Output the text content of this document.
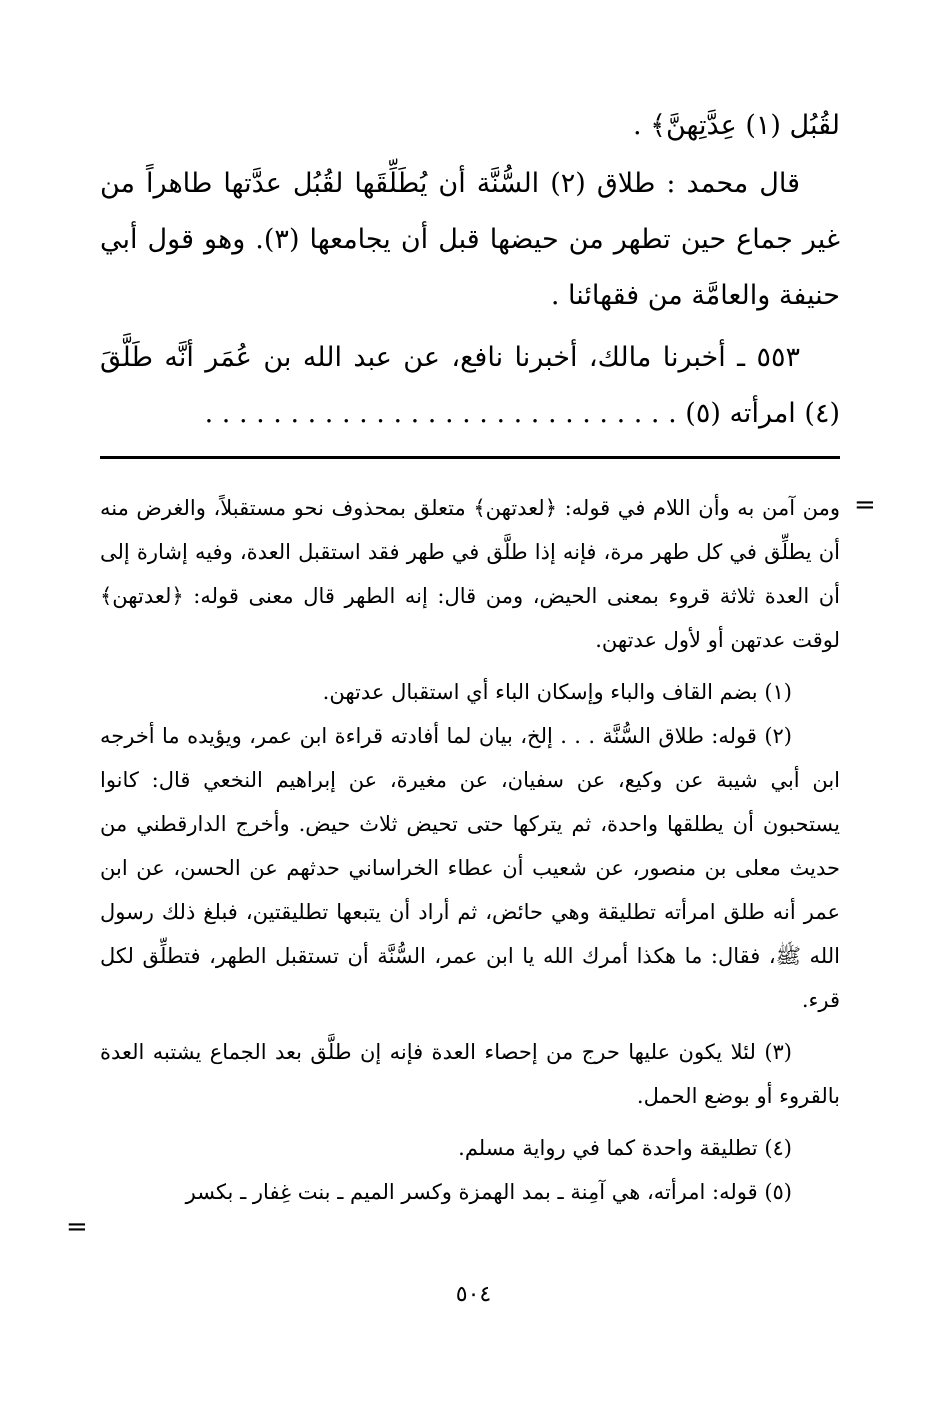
لقُبُل (١) عِدَّتِهنَّ﴾ .

قال محمد : طلاق (٢) السُّنَّة أن يُطَلِّقَها لقُبُل عدَّتها طاهراً من غير جماع حين تطهر من حيضها قبل أن يجامعها (٣). وهو قول أبي حنيفة والعامَّة من فقهائنا .

٥٥٣ ـ أخبرنا مالك، أخبرنا نافع، عن عبد الله بن عُمَر أنَّه طَلَّقَ (٤) امرأته (٥) . . . . . . . . . . . . . . . . . . . . . . . . . . . .

=

ومن آمن به وأن اللام في قوله: ﴿لعدتهن﴾ متعلق بمحذوف نحو مستقبلاً، والغرض منه أن يطلِّق في كل طهر مرة، فإنه إذا طلَّق في طهر فقد استقبل العدة، وفيه إشارة إلى أن العدة ثلاثة قروء بمعنى الحيض، ومن قال: إنه الطهر قال معنى قوله: ﴿لعدتهن﴾ لوقت عدتهن أو لأول عدتهن.

(١) بضم القاف والباء وإسكان الباء أي استقبال عدتهن.

(٢) قوله: طلاق السُّنَّة . . . إلخ، بيان لما أفادته قراءة ابن عمر، ويؤيده ما أخرجه ابن أبي شيبة عن وكيع، عن سفيان، عن مغيرة، عن إبراهيم النخعي قال: كانوا يستحبون أن يطلقها واحدة، ثم يتركها حتى تحيض ثلاث حيض. وأخرج الدارقطني من حديث معلى بن منصور، عن شعيب أن عطاء الخراساني حدثهم عن الحسن، عن ابن عمر أنه طلق امرأته تطليقة وهي حائض، ثم أراد أن يتبعها تطليقتين، فبلغ ذلك رسول الله ﷺ، فقال: ما هكذا أمرك الله يا ابن عمر، السُّنَّة أن تستقبل الطهر، فتطلِّق لكل قرء.

(٣) لئلا يكون عليها حرج من إحصاء العدة فإنه إن طلَّق بعد الجماع يشتبه العدة بالقروء أو بوضع الحمل.

(٤) تطليقة واحدة كما في رواية مسلم.

(٥) قوله: امرأته، هي آمِنة ـ بمد الهمزة وكسر الميم ـ بنت غِفار ـ بكسر

=
٥٠٤
